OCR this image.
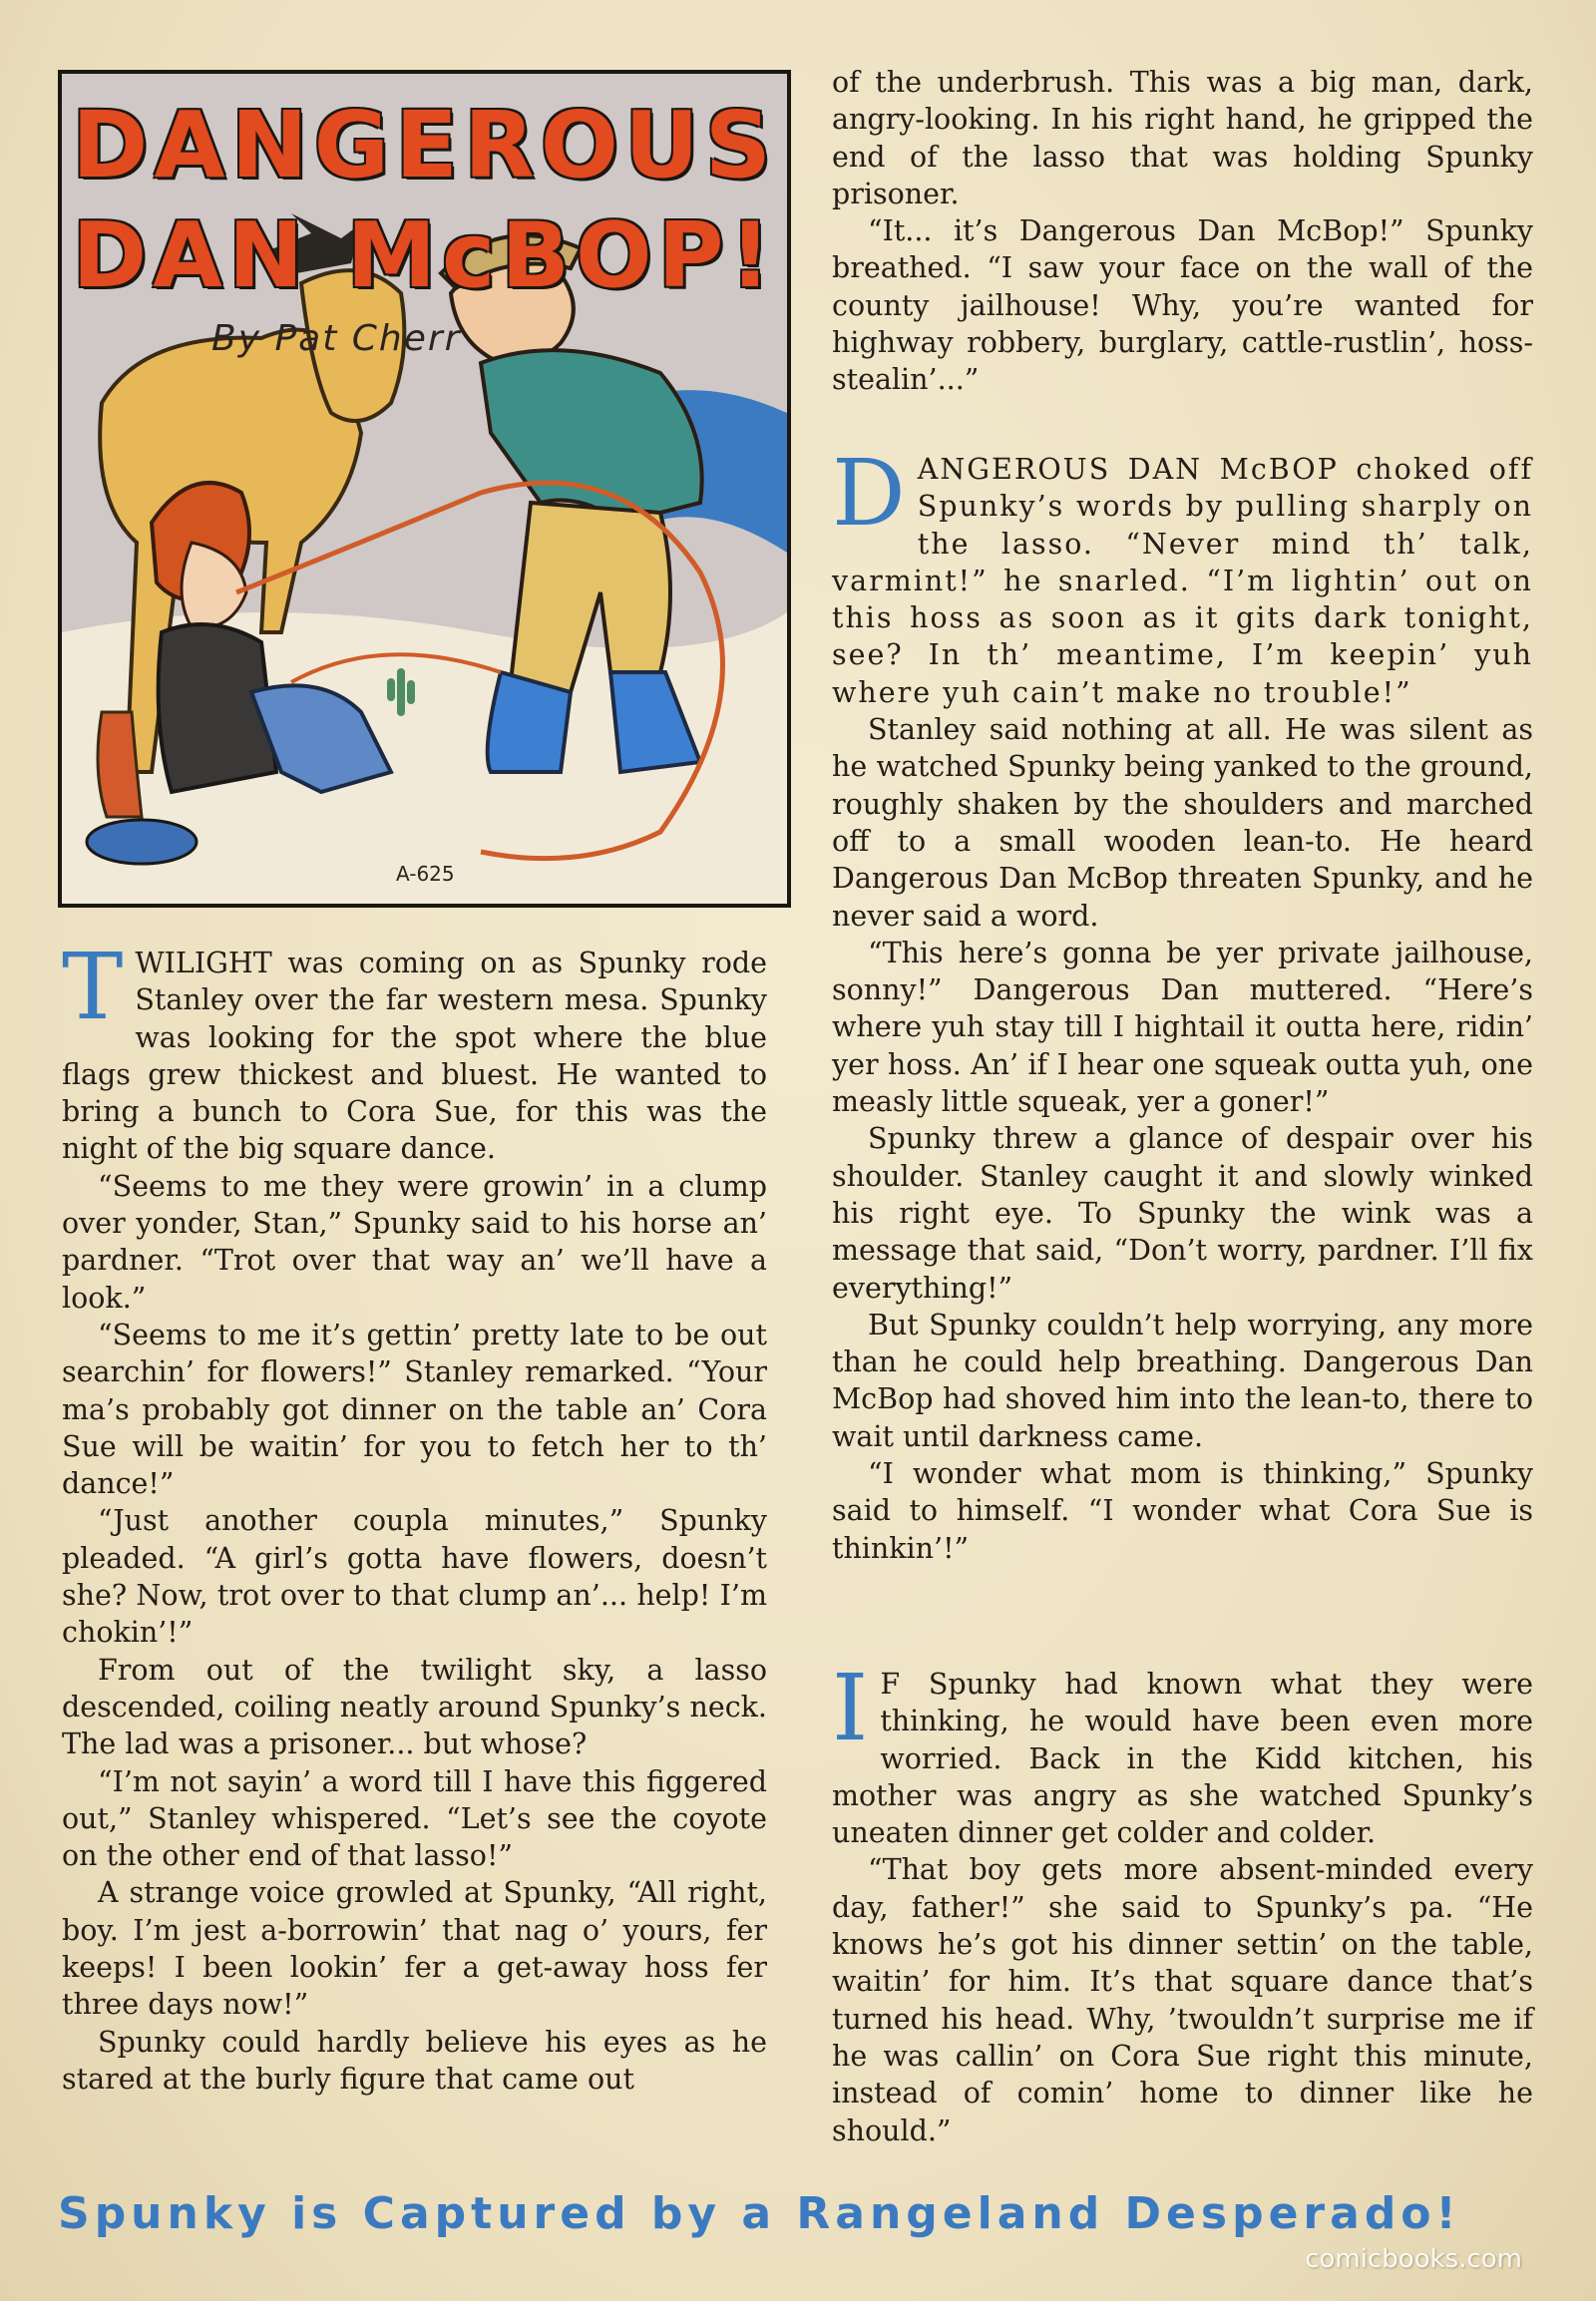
DANGEROUS
DAN McBOP!
By Pat Cherr
A-625

TWILIGHT was coming on as Spunky rode Stanley over the far western mesa. Spunky was looking for the spot where the blue flags grew thickest and bluest. He wanted to bring a bunch to Cora Sue, for this was the night of the big square dance.

“Seems to me they were growin’ in a clump over yonder, Stan,” Spunky said to his horse an’ pardner. “Trot over that way an’ we’ll have a look.”

“Seems to me it’s gettin’ pretty late to be out searchin’ for flowers!” Stanley remarked. “Your ma’s probably got dinner on the table an’ Cora Sue will be waitin’ for you to fetch her to th’ dance!”

“Just another coupla minutes,” Spunky pleaded. “A girl’s gotta have flowers, doesn’t she? Now, trot over to that clump an’... help! I’m chokin’!”

From out of the twilight sky, a lasso descended, coiling neatly around Spunky’s neck. The lad was a prisoner... but whose?

“I’m not sayin’ a word till I have this figgered out,” Stanley whispered. “Let’s see the coyote on the other end of that lasso!”

A strange voice growled at Spunky, “All right, boy. I’m jest a-borrowin’ that nag o’ yours, fer keeps! I been lookin’ fer a get-away hoss fer three days now!”

Spunky could hardly believe his eyes as he stared at the burly figure that came out

of the underbrush. This was a big man, dark, angry-looking. In his right hand, he gripped the end of the lasso that was holding Spunky prisoner.

“It... it’s Dangerous Dan McBop!” Spunky breathed. “I saw your face on the wall of the county jailhouse! Why, you’re wanted for highway robbery, burglary, cattle-rustlin’, hoss-stealin’...”

DANGEROUS DAN McBOP choked off Spunky’s words by pulling sharply on the lasso. “Never mind th’ talk, varmint!” he snarled. “I’m lightin’ out on this hoss as soon as it gits dark tonight, see? In th’ meantime, I’m keepin’ yuh where yuh cain’t make no trouble!”

Stanley said nothing at all. He was silent as he watched Spunky being yanked to the ground, roughly shaken by the shoulders and marched off to a small wooden lean-to. He heard Dangerous Dan McBop threaten Spunky, and he never said a word.

“This here’s gonna be yer private jailhouse, sonny!” Dangerous Dan muttered. “Here’s where yuh stay till I hightail it outta here, ridin’ yer hoss. An’ if I hear one squeak outta yuh, one measly little squeak, yer a goner!”

Spunky threw a glance of despair over his shoulder. Stanley caught it and slowly winked his right eye. To Spunky the wink was a message that said, “Don’t worry, pardner. I’ll fix everything!”

But Spunky couldn’t help worrying, any more than he could help breathing. Dangerous Dan McBop had shoved him into the lean-to, there to wait until darkness came.

“I wonder what mom is thinking,” Spunky said to himself. “I wonder what Cora Sue is thinkin’!”

I F Spunky had known what they were thinking, he would have been even more worried. Back in the Kidd kitchen, his mother was angry as she watched Spunky’s uneaten dinner get colder and colder.

“That boy gets more absent-minded every day, father!” she said to Spunky’s pa. “He knows he’s got his dinner settin’ on the table, waitin’ for him. It’s that square dance that’s turned his head. Why, ’twouldn’t surprise me if he was callin’ on Cora Sue right this minute, instead of comin’ home to dinner like he should.”

Spunky is Captured by a Rangeland Desperado!
comicbooks.com
